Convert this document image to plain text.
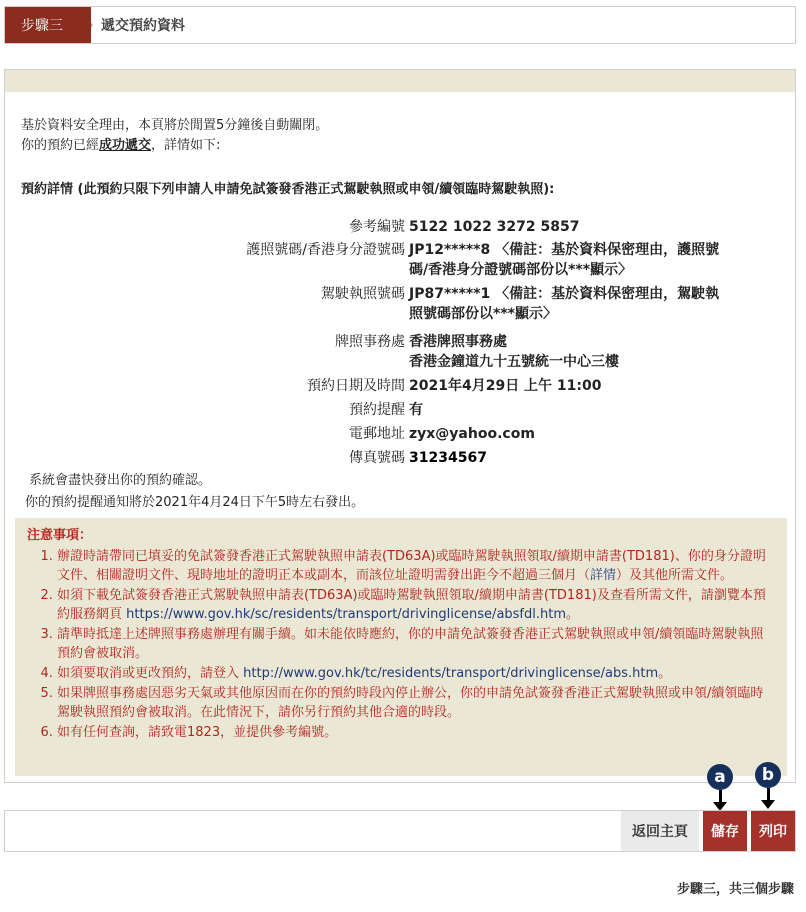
步驟三	遞交預約資料
基於資料安全理由，本頁將於閒置5分鐘後自動關閉。
你的預約已經成功遞交，詳情如下:
預約詳情 (此預約只限下列申請人申請免試簽發香港正式駕駛執照或申領/續領臨時駕駛執照):
參考編號 5122 1022 3272 5857
護照號碼/香港身分證號碼 JP12*****8 〈備註：基於資料保密理由，護照號
碼/香港身分證號碼部份以***顯示〉
駕駛執照號碼 JP87*****1 〈備註：基於資料保密理由，駕駛執
照號碼部份以***顯示〉
牌照事務處 香港牌照事務處
香港金鐘道九十五號統一中心三樓
預約日期及時間 2021年4月29日 上午 11:00
預約提醒 有
電郵地址 zyx@yahoo.com
傳真號碼 31234567
系統會盡快發出你的預約確認。
你的預約提醒通知將於2021年4月24日下午5時左右發出。
注意事項：
1. 辦證時請帶同已填妥的免試簽發香港正式駕駛執照申請表(TD63A)或臨時駕駛執照領取/續期申請書(TD181)、你的身分證明文件、相關證明文件、現時地址的證明正本或副本，而該位址證明需發出距今不超過三個月（詳情）及其他所需文件。
2. 如須下載免試簽發香港正式駕駛執照申請表(TD63A)或臨時駕駛執照領取/續期申請書(TD181)及查看所需文件，請瀏覽本預約服務網頁 https://www.gov.hk/sc/residents/transport/drivinglicense/absfdl.htm。
3. 請準時抵達上述牌照事務處辦理有關手續。如未能依時應約，你的申請免試簽發香港正式駕駛執照或申領/續領臨時駕駛執照預約會被取消。
4. 如須要取消或更改預約，請登入 http://www.gov.hk/tc/residents/transport/drivinglicense/abs.htm。
5. 如果牌照事務處因惡劣天氣或其他原因而在你的預約時段內停止辦公，你的申請免試簽發香港正式駕駛執照或申領/續領臨時駕駛執照預約會被取消。在此情況下，請你另行預約其他合適的時段。
6. 如有任何查詢，請致電1823，並提供參考編號。
a	b
返回主頁	儲存	列印
步驟三，共三個步驟
